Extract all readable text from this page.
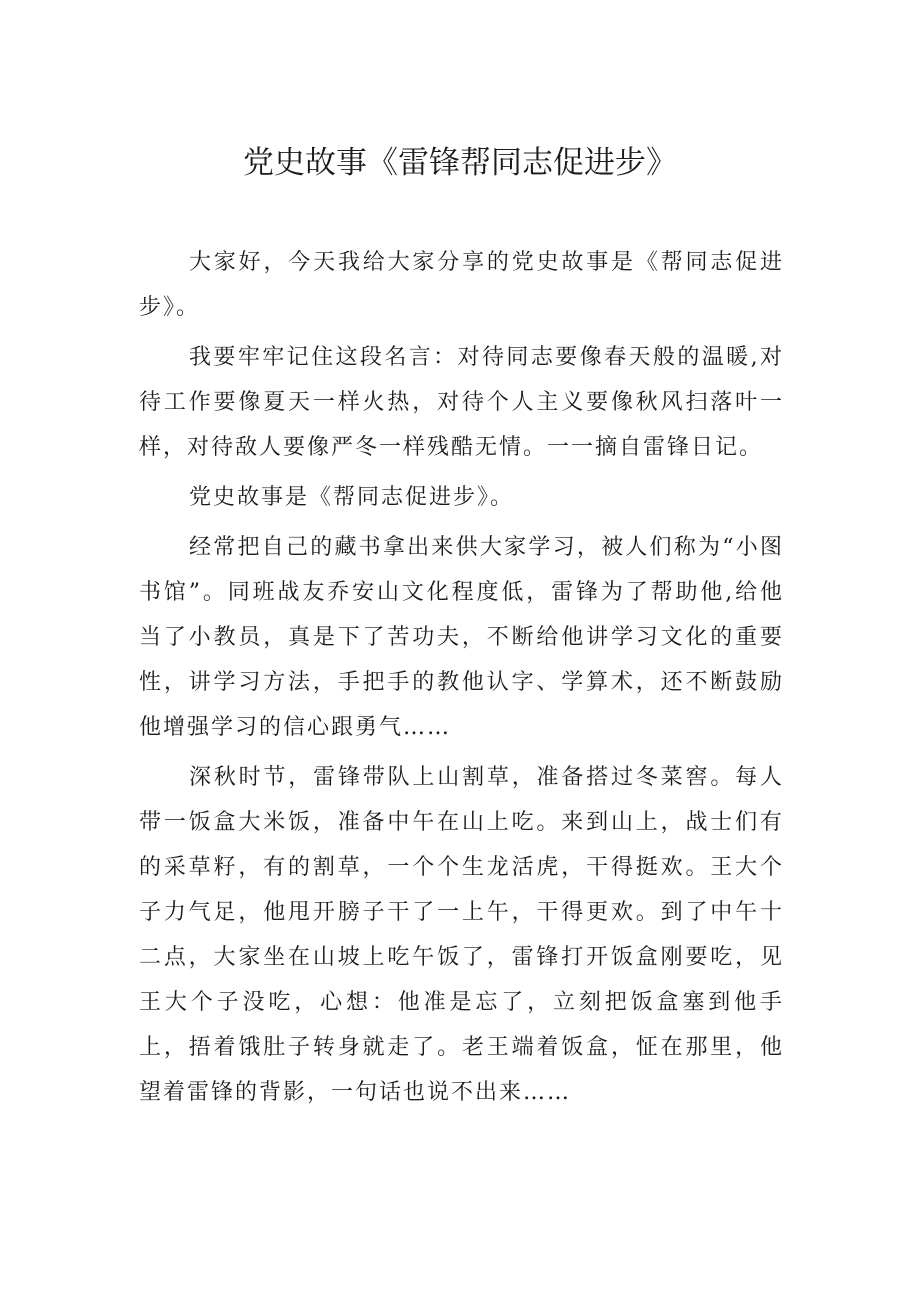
党史故事《雷锋帮同志促进步》

大家好，今天我给大家分享的党史故事是《帮同志促进步》。

我要牢牢记住这段名言：对待同志要像春天般的温暖,对待工作要像夏天一样火热，对待个人主义要像秋风扫落叶一样，对待敌人要像严冬一样残酷无情。一一摘自雷锋日记。

党史故事是《帮同志促进步》。

经常把自己的藏书拿出来供大家学习，被人们称为“小图书馆”。同班战友乔安山文化程度低，雷锋为了帮助他,给他当了小教员，真是下了苦功夫，不断给他讲学习文化的重要性，讲学习方法，手把手的教他认字、学算术，还不断鼓励他增强学习的信心跟勇气……

深秋时节，雷锋带队上山割草，准备搭过冬菜窖。每人带一饭盒大米饭，准备中午在山上吃。来到山上，战士们有的采草籽，有的割草，一个个生龙活虎，干得挺欢。王大个子力气足，他甩开膀子干了一上午，干得更欢。到了中午十二点，大家坐在山坡上吃午饭了，雷锋打开饭盒刚要吃，见王大个子没吃，心想：他准是忘了，立刻把饭盒塞到他手上，捂着饿肚子转身就走了。老王端着饭盒，怔在那里，他望着雷锋的背影，一句话也说不出来……
